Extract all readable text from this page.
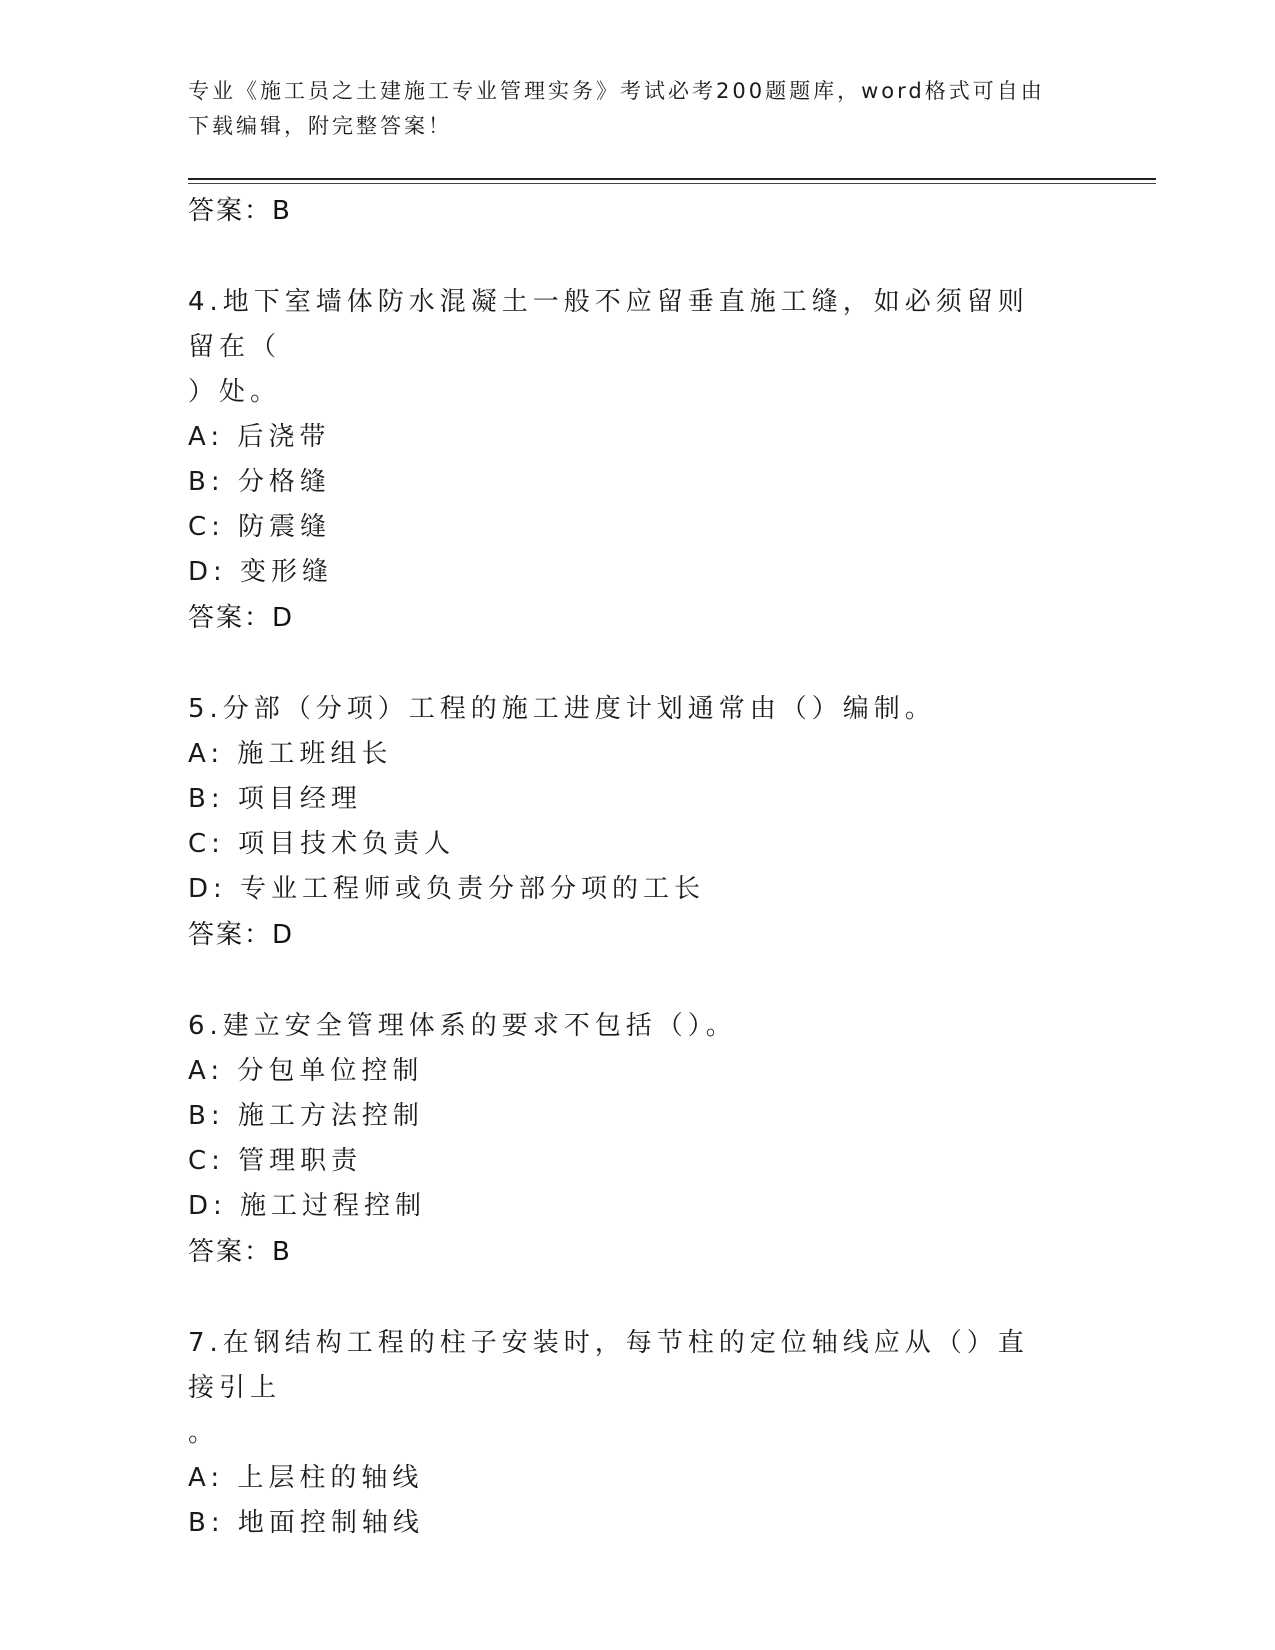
专业《施工员之土建施工专业管理实务》考试必考200题题库，word格式可自由
下载编辑，附完整答案！
答案：B
4.地下室墙体防水混凝土一般不应留垂直施工缝，如必须留则留在（
）处。
A: 后浇带
B: 分格缝
C: 防震缝
D: 变形缝
答案：D
5.分部（分项）工程的施工进度计划通常由（）编制。
A: 施工班组长
B: 项目经理
C: 项目技术负责人
D: 专业工程师或负责分部分项的工长
答案：D
6.建立安全管理体系的要求不包括（）。
A: 分包单位控制
B: 施工方法控制
C: 管理职责
D: 施工过程控制
答案：B
7.在钢结构工程的柱子安装时，每节柱的定位轴线应从（）直接引上
。
A: 上层柱的轴线
B: 地面控制轴线
